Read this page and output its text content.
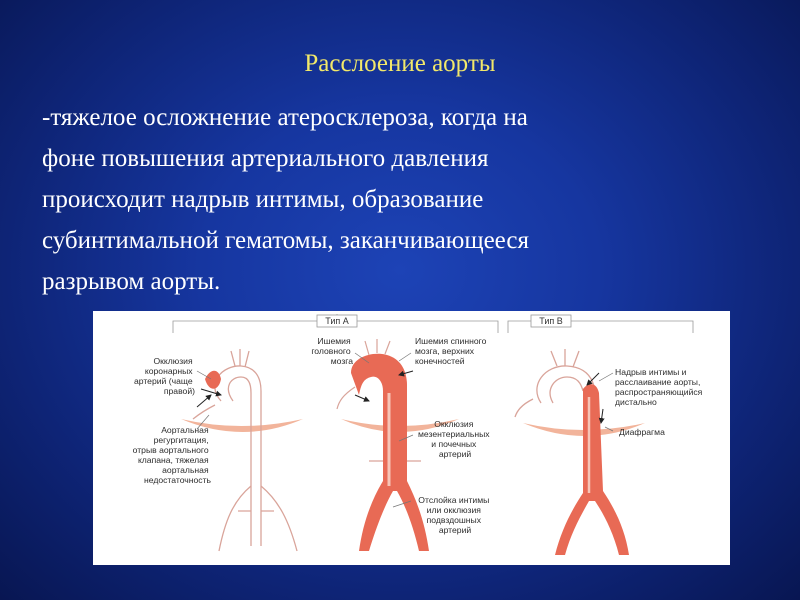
Расслоение аорты

-тяжелое осложнение атеросклероза, когда на
фоне повышения артериального давления
происходит надрыв интимы, образование
субинтимальной гематомы, заканчивающееся
разрывом аорты.

Тип А	Тип В
Окклюзия коронарных артерий (чаще правой)
Аортальная регургитация, отрыв аортального клапана, тяжелая аортальная недостаточность
Ишемия головного мозга
Ишемия спинного мозга, верхних конечностей
Окклюзия мезентериальных и почечных артерий
Отслойка интимы или окклюзия подвздошных артерий
Надрыв интимы и расслаивание аорты, распространяющийся дистально
Диафрагма
